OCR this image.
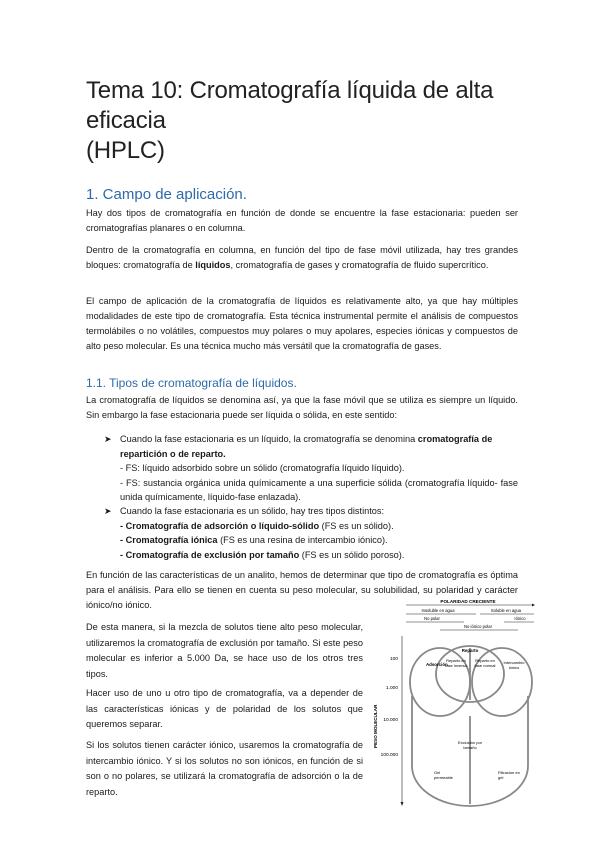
Tema 10: Cromatografía líquida de alta
eficacia
(HPLC)
1. Campo de aplicación.

Hay dos tipos de cromatografía en función de donde se encuentre la fase estacionaria: pueden ser cromatografías planares o en columna.

Dentro de la cromatografía en columna, en función del tipo de fase móvil utilizada, hay tres grandes bloques: cromatografía de líquidos, cromatografía de gases y cromatografía de fluido supercrítico.

El campo de aplicación de la cromatografía de líquidos es relativamente alto, ya que hay múltiples modalidades de este tipo de cromatografía. Esta técnica instrumental permite el análisis de compuestos termolábiles o no volátiles, compuestos muy polares o muy apolares, especies iónicas y compuestos de alto peso molecular. Es una técnica mucho más versátil que la cromatografía de gases.

1.1. Tipos de cromatografía de líquidos.

La cromatografía de líquidos se denomina así, ya que la fase móvil que se utiliza es siempre un líquido. Sin embargo la fase estacionaria puede ser líquida o sólida, en este sentido:

➤ Cuando la fase estacionaria es un líquido, la cromatografía se denomina cromatografía de repartición o de reparto.
- FS: líquido adsorbido sobre un sólido (cromatografía líquido líquido).
- FS: sustancia orgánica unida químicamente a una superficie sólida (cromatografía líquido- fase unida químicamente, líquido-fase enlazada).
➤ Cuando la fase estacionaria es un sólido, hay tres tipos distintos:
- Cromatografía de adsorción o líquido-sólido (FS es un sólido).
- Cromatografía iónica (FS es una resina de intercambio iónico).
- Cromatografía de exclusión por tamaño (FS es un sólido poroso).

En función de las características de un analito, hemos de determinar que tipo de cromatografía es óptima para el análisis. Para ello se tienen en cuenta su peso molecular, su solubilidad, su polaridad y carácter iónico/no iónico.

De esta manera, si la mezcla de solutos tiene alto peso molecular, utilizaremos la cromatografía de exclusión por tamaño. Si este peso molecular es inferior a 5.000 Da, se hace uso de los otros tres tipos.

Hacer uso de uno u otro tipo de cromatografía, va a depender de las características iónicas y de polaridad de los solutos que queremos separar.

Si los solutos tienen carácter iónico, usaremos la cromatografía de intercambio iónico. Y si los solutos no son iónicos, en función de si son o no polares, se utilizará la cromatografía de adsorción o la de reparto.

POLARIDAD CRECIENTE
Insoluble en agua	Soluble en agua
No polar	Iónico
No iónico polar
PESO MOLECULAR
100
1.000
10.000
100.000
Adsorción
Reparto
Reparto en fase inversa
Reparto en fase normal
Intercambio iónico
Exclusión por tamaño
Gel permeable
Filtración en gel
